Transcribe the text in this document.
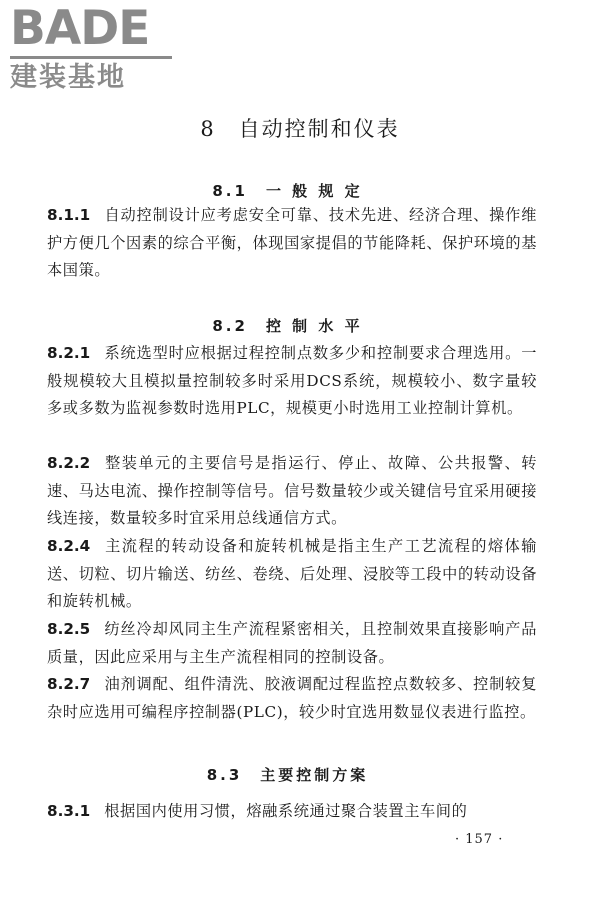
BADE
建装基地
8　自动控制和仪表
8.1　一 般 规 定

8.1.1 自动控制设计应考虑安全可靠、技术先进、经济合理、操作维护方便几个因素的综合平衡，体现国家提倡的节能降耗、保护环境的基本国策。

8.2　控 制 水 平

8.2.1 系统选型时应根据过程控制点数多少和控制要求合理选用。一般规模较大且模拟量控制较多时采用DCS系统，规模较小、数字量较多或多数为监视参数时选用PLC，规模更小时选用工业控制计算机。

8.2.2 整装单元的主要信号是指运行、停止、故障、公共报警、转速、马达电流、操作控制等信号。信号数量较少或关键信号宜采用硬接线连接，数量较多时宜采用总线通信方式。

8.2.4 主流程的转动设备和旋转机械是指主生产工艺流程的熔体输送、切粒、切片输送、纺丝、卷绕、后处理、浸胶等工段中的转动设备和旋转机械。

8.2.5 纺丝冷却风同主生产流程紧密相关，且控制效果直接影响产品质量，因此应采用与主生产流程相同的控制设备。

8.2.7 油剂调配、组件清洗、胶液调配过程监控点数较多、控制较复杂时应选用可编程序控制器(PLC)，较少时宜选用数显仪表进行监控。

8.3　主要控制方案

8.3.1 根据国内使用习惯，熔融系统通过聚合装置主车间的

· 157 ·
